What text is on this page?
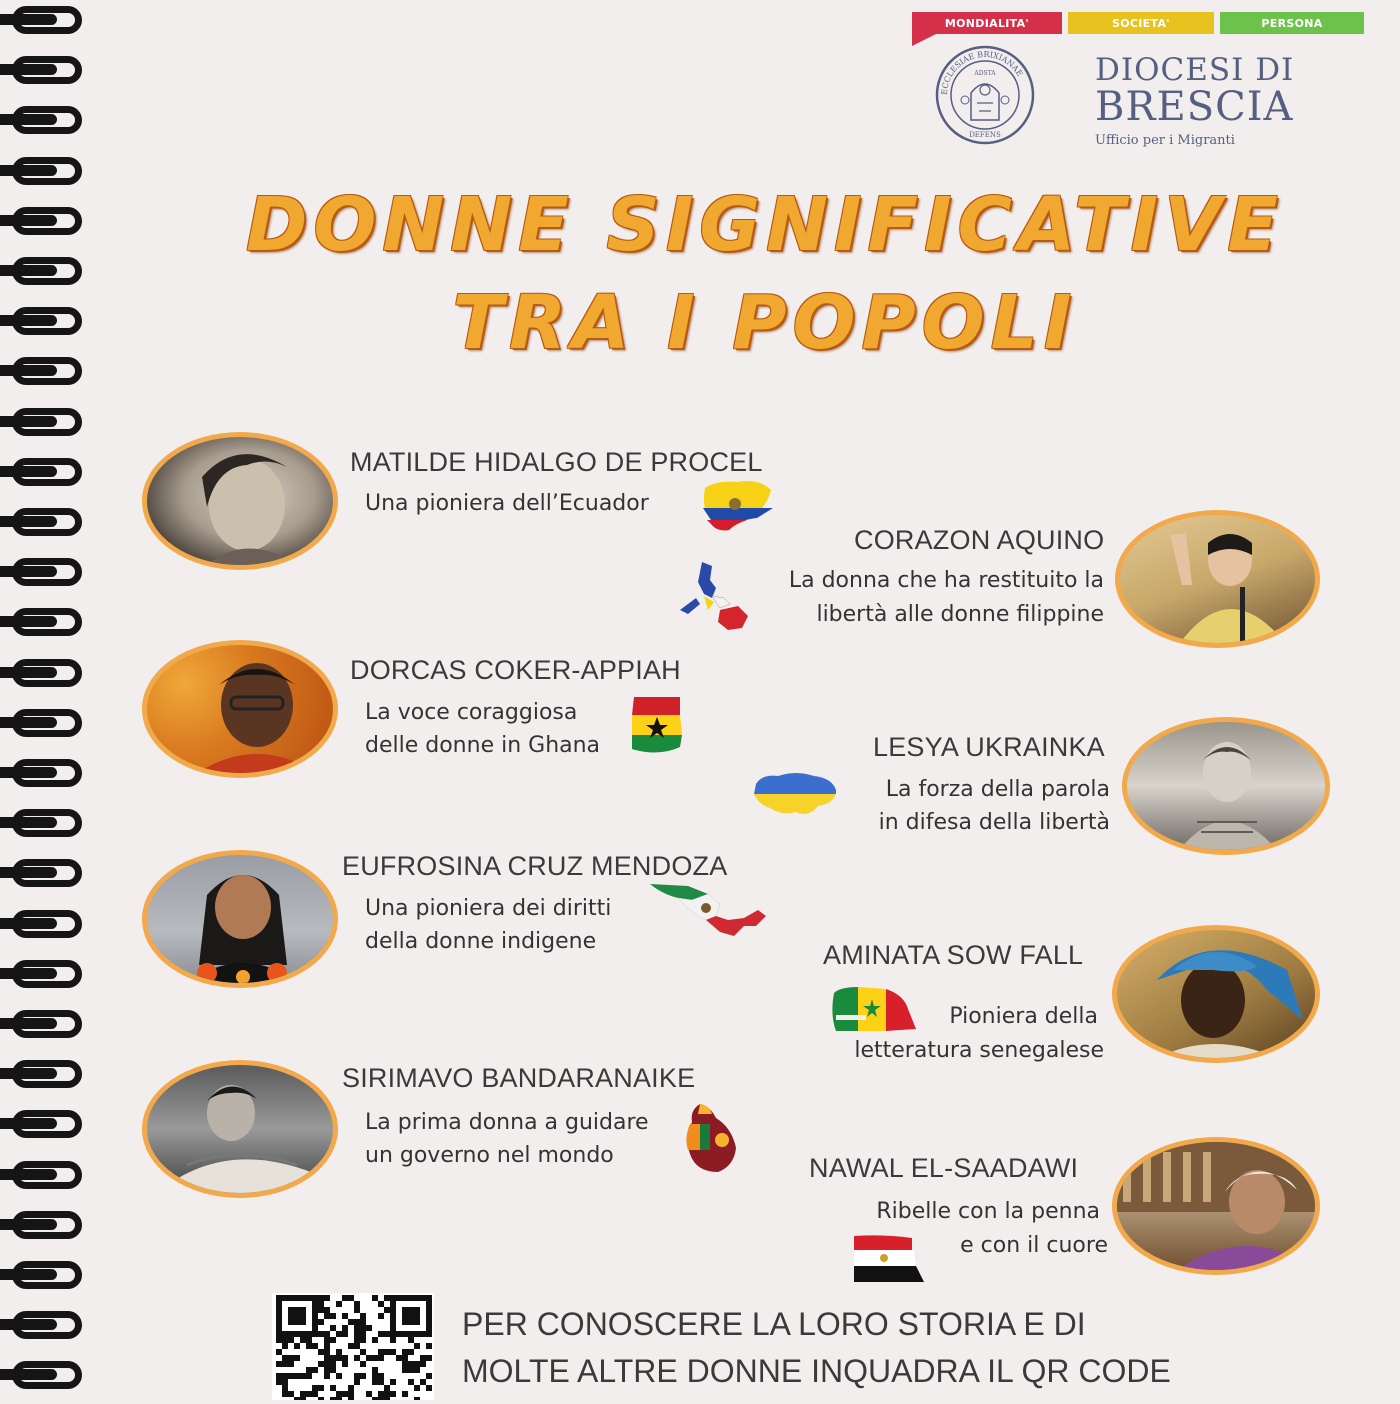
MONDIALITA'	SOCIETA'	PERSONA
ECCLESIAE BRIXIANAE
DEFENS
ADSTA	DIOCESI DI
BRESCIA
Ufficio per i Migranti
DONNE SIGNIFICATIVE
TRA I POPOLI
MATILDE HIDALGO DE PROCEL
Una pioniera dell’Ecuador
CORAZON AQUINO
La donna che ha restituito la
libertà alle donne filippine
DORCAS COKER-APPIAH
La voce coraggiosa
delle donne in Ghana	LESYA UKRAINKA
La forza della parola
in difesa della libertà
EUFROSINA CRUZ MENDOZA
Una pioniera dei diritti
della donne indigene	AMINATA SOW FALL
Pioniera della
letteratura senegalese
SIRIMAVO BANDARANAIKE
La prima donna a guidare
un governo nel mondo	NAWAL EL-SAADAWI
Ribelle con la penna
e con il cuore
PER CONOSCERE LA LORO STORIA E DI
MOLTE ALTRE DONNE INQUADRA IL QR CODE
